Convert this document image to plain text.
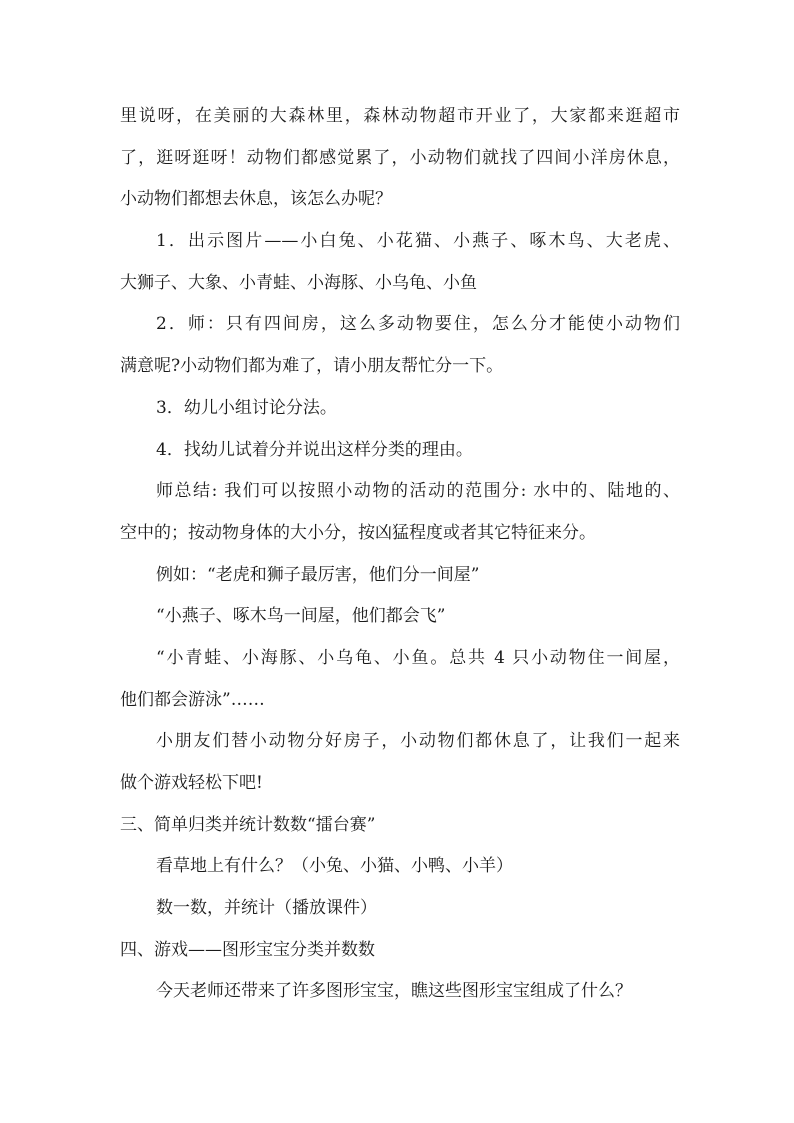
里说呀，在美丽的大森林里，森林动物超市开业了，大家都来逛超市
了，逛呀逛呀！动物们都感觉累了，小动物们就找了四间小洋房休息，
小动物们都想去休息，该怎么办呢？
1．出示图片——小白兔、小花猫、小燕子、啄木鸟、大老虎、
大狮子、大象、小青蛙、小海豚、小乌龟、小鱼
2．师：只有四间房，这么多动物要住，怎么分才能使小动物们
满意呢?小动物们都为难了，请小朋友帮忙分一下。
3．幼儿小组讨论分法。
4．找幼儿试着分并说出这样分类的理由。
师总结: 我们可以按照小动物的活动的范围分: 水中的、陆地的、
空中的；按动物身体的大小分，按凶猛程度或者其它特征来分。
例如：“老虎和狮子最厉害，他们分一间屋”
“小燕子、啄木鸟一间屋，他们都会飞”
“小青蛙、小海豚、小乌龟、小鱼。总共 4 只小动物住一间屋，
他们都会游泳”……
小朋友们替小动物分好房子，小动物们都休息了，让我们一起来
做个游戏轻松下吧!
三、简单归类并统计数数“擂台赛”
看草地上有什么？（小兔、小猫、小鸭、小羊）
数一数，并统计（播放课件）
四、游戏——图形宝宝分类并数数
今天老师还带来了许多图形宝宝，瞧这些图形宝宝组成了什么？
